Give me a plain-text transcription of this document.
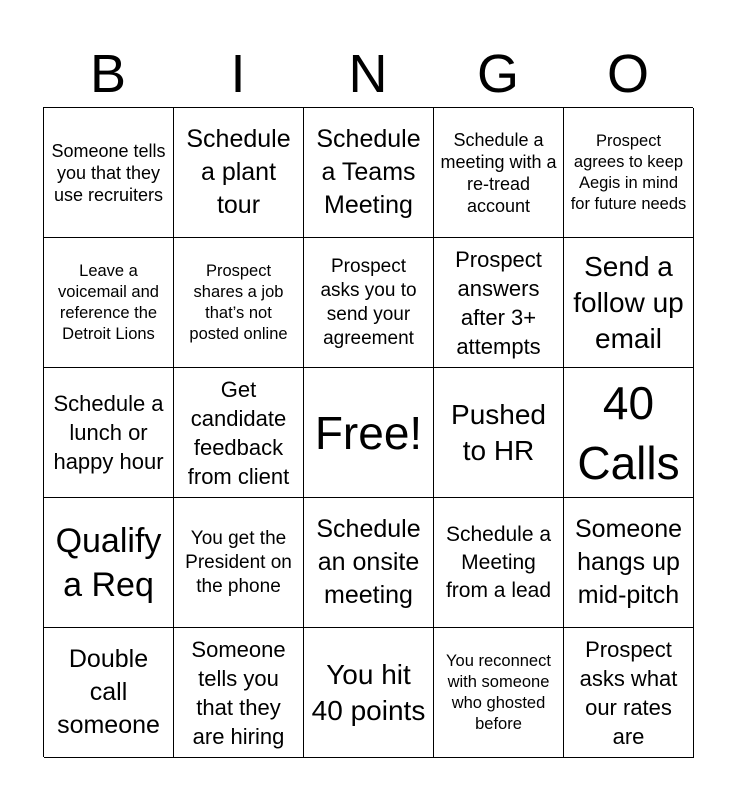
B	I	N	G	O
Someone tells you that they use recruiters
Schedule a plant tour
Schedule a Teams Meeting
Schedule a meeting with a re-tread account
Prospect agrees to keep Aegis in mind for future needs
Leave a voicemail and reference the Detroit Lions
Prospect shares a job that’s not posted online
Prospect asks you to send your agreement
Prospect answers after 3+ attempts
Send a follow up email
Schedule a lunch or happy hour
Get candidate feedback from client
Free!	Pushed to HR
40 Calls
Qualify a Req
You get the President on the phone
Schedule an onsite meeting
Schedule a Meeting from a lead
Someone hangs up mid-pitch
Double call someone
Someone tells you that they are hiring
You hit 40 points
You reconnect with someone who ghosted before
Prospect asks what our rates are
